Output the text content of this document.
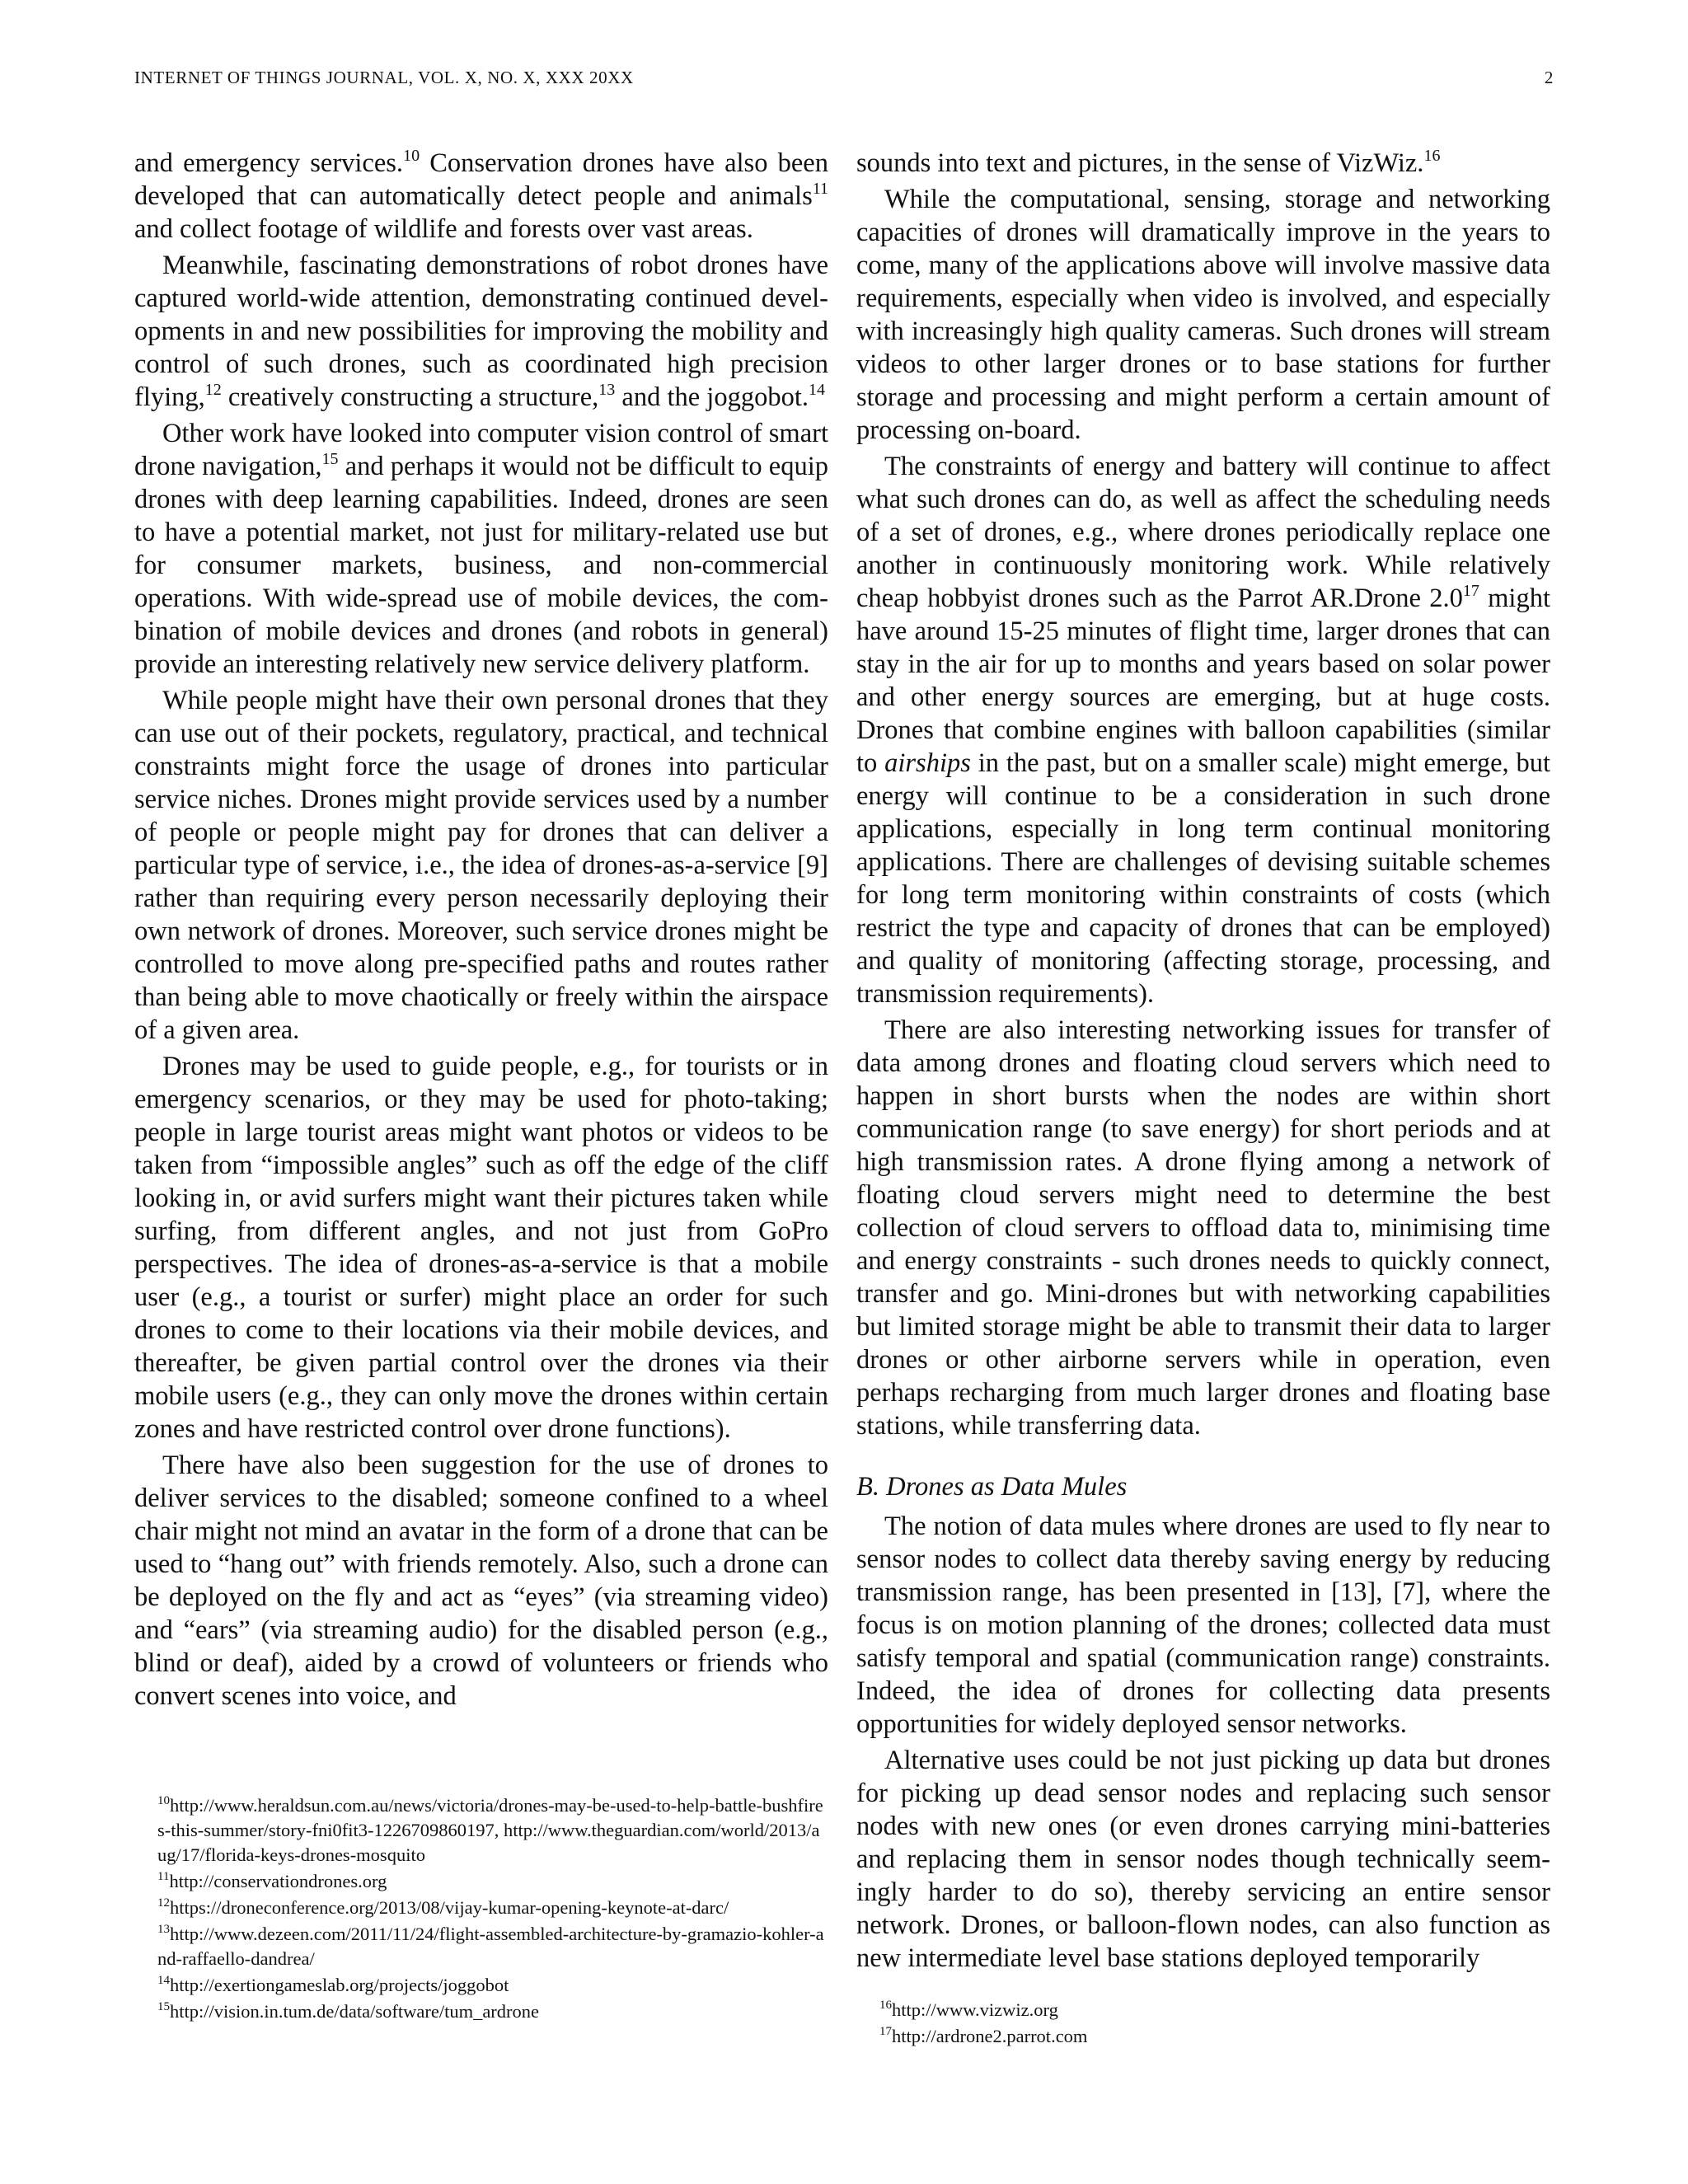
INTERNET OF THINGS JOURNAL, VOL. X, NO. X, XXX 20XX	2

and emergency services.$^{10}$ Conservation drones have also been developed that can automatically detect people and animals$^{11}$ and collect footage of wildlife and forests over vast areas.

Meanwhile, fascinating demonstrations of robot drones have captured world-wide attention, demonstrating continued developments in and new possibilities for improving the mobility and control of such drones, such as coordinated high precision flying,$^{12}$ creatively constructing a structure,$^{13}$ and the joggobot.$^{14}$

Other work have looked into computer vision control of smart drone navigation,$^{15}$ and perhaps it would not be difficult to equip drones with deep learning capabilities. Indeed, drones are seen to have a potential market, not just for military-related use but for consumer markets, business, and non-commercial operations. With wide-spread use of mobile devices, the combination of mobile devices and drones (and robots in general) provide an interesting relatively new service delivery platform.

While people might have their own personal drones that they can use out of their pockets, regulatory, practical, and technical constraints might force the usage of drones into particular service niches. Drones might provide services used by a number of people or people might pay for drones that can deliver a particular type of service, i.e., the idea of drones-as-a-service [9] rather than requiring every person necessarily deploying their own network of drones. Moreover, such service drones might be controlled to move along pre-specified paths and routes rather than being able to move chaotically or freely within the airspace of a given area.

Drones may be used to guide people, e.g., for tourists or in emergency scenarios, or they may be used for photo-taking; people in large tourist areas might want photos or videos to be taken from “impossible angles” such as off the edge of the cliff looking in, or avid surfers might want their pictures taken while surfing, from different angles, and not just from GoPro perspectives. The idea of drones-as-a-service is that a mobile user (e.g., a tourist or surfer) might place an order for such drones to come to their locations via their mobile devices, and thereafter, be given partial control over the drones via their mobile users (e.g., they can only move the drones within certain zones and have restricted control over drone functions).

There have also been suggestion for the use of drones to deliver services to the disabled; someone confined to a wheel chair might not mind an avatar in the form of a drone that can be used to “hang out” with friends remotely. Also, such a drone can be deployed on the fly and act as “eyes” (via streaming video) and “ears” (via streaming audio) for the disabled person (e.g., blind or deaf), aided by a crowd of volunteers or friends who convert scenes into voice, and

sounds into text and pictures, in the sense of VizWiz.$^{16}$

While the computational, sensing, storage and networking capacities of drones will dramatically improve in the years to come, many of the applications above will involve massive data requirements, especially when video is involved, and especially with increasingly high quality cameras. Such drones will stream videos to other larger drones or to base stations for further storage and processing and might perform a certain amount of processing on-board.

The constraints of energy and battery will continue to affect what such drones can do, as well as affect the scheduling needs of a set of drones, e.g., where drones periodically replace one another in continuously monitoring work. While relatively cheap hobbyist drones such as the Parrot AR.Drone $2.0^{17}$ might have around 15-25 minutes of flight time, larger drones that can stay in the air for up to months and years based on solar power and other energy sources are emerging, but at huge costs. Drones that combine engines with balloon capabilities (similar to airships in the past, but on a smaller scale) might emerge, but energy will continue to be a consideration in such drone applications, especially in long term continual monitoring applications. There are challenges of devising suitable schemes for long term monitoring within constraints of costs (which restrict the type and capacity of drones that can be employed) and quality of monitoring (affecting storage, processing, and transmission requirements).

There are also interesting networking issues for transfer of data among drones and floating cloud servers which need to happen in short bursts when the nodes are within short communication range (to save energy) for short periods and at high transmission rates. A drone flying among a network of floating cloud servers might need to determine the best collection of cloud servers to offload data to, minimising time and energy constraints - such drones needs to quickly connect, transfer and go. Mini-drones but with networking capabilities but limited storage might be able to transmit their data to larger drones or other airborne servers while in operation, even perhaps recharging from much larger drones and floating base stations, while transferring data.

B. Drones as Data Mules

The notion of data mules where drones are used to fly near to sensor nodes to collect data thereby saving energy by reducing transmission range, has been presented in [13], [7], where the focus is on motion planning of the drones; collected data must satisfy temporal and spatial (communication range) constraints. Indeed, the idea of drones for collecting data presents opportunities for widely deployed sensor networks.

Alternative uses could be not just picking up data but drones for picking up dead sensor nodes and replacing such sensor nodes with new ones (or even drones carrying mini-batteries and replacing them in sensor nodes though technically seemingly harder to do so), thereby servicing an entire sensor network. Drones, or balloon-flown nodes, can also function as new intermediate level base stations deployed temporarily

$^{10}$http://www.heraldsun.com.au/news/victoria/drones-may-be-used-to-help-battle-bushfires-this-summer/story-fni0fit3-1226709860197, http://www.theguardian.com/world/2013/aug/17/florida-keys-drones-mosquito
$^{11}$http://conservationdrones.org
$^{12}$https://droneconference.org/2013/08/vijay-kumar-opening-keynote-at-darc/
$^{13}$http://www.dezeen.com/2011/11/24/flight-assembled-architecture-by-gramazio-kohler-and-raffaello-dandrea/
$^{14}$http://exertiongameslab.org/projects/joggobot
$^{15}$http://vision.in.tum.de/data/software/tum_ardrone	$^{16}$http://www.vizwiz.org
$^{17}$http://ardrone2.parrot.com
